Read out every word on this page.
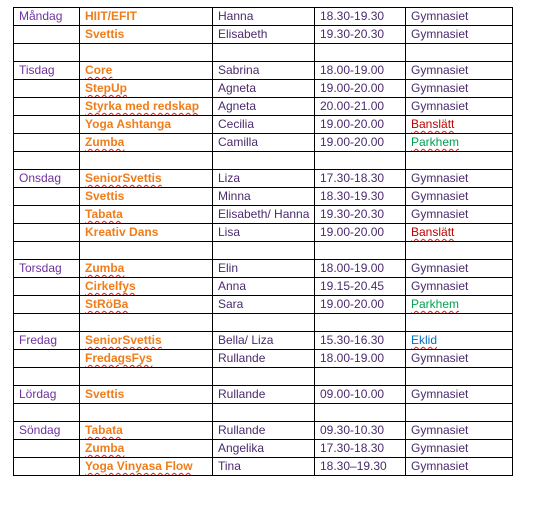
Måndag	HIIT/EFIT	Hanna	18.30-19.30	Gymnasiet
	Svettis	Elisabeth	19.30-20.30	Gymnasiet

Tisdag	Core	Sabrina	18.00-19.00	Gymnasiet
	StepUp	Agneta	19.00-20.00	Gymnasiet
	Styrka med redskap	Agneta	20.00-21.00	Gymnasiet
	Yoga Ashtanga	Cecilia	19.00-20.00	Banslätt
	Zumba	Camilla	19.00-20.00	Parkhem

Onsdag	SeniorSvettis	Liza	17.30-18.30	Gymnasiet
	Svettis	Minna	18.30-19.30	Gymnasiet
	Tabata	Elisabeth/ Hanna	19.30-20.30	Gymnasiet
	Kreativ Dans	Lisa	19.00-20.00	Banslätt

Torsdag	Zumba	Elin	18.00-19.00	Gymnasiet
	Cirkelfys	Anna	19.15-20.45	Gymnasiet
	StRöBa	Sara	19.00-20.00	Parkhem

Fredag	SeniorSvettis	Bella/ Liza	15.30-16.30	Eklid
	FredagsFys	Rullande	18.00-19.00	Gymnasiet

Lördag	Svettis	Rullande	09.00-10.00	Gymnasiet

Söndag	Tabata	Rullande	09.30-10.30	Gymnasiet
	Zumba	Angelika	17.30-18.30	Gymnasiet
	Yoga Vinyasa Flow	Tina	18.30–19.30	Gymnasiet
